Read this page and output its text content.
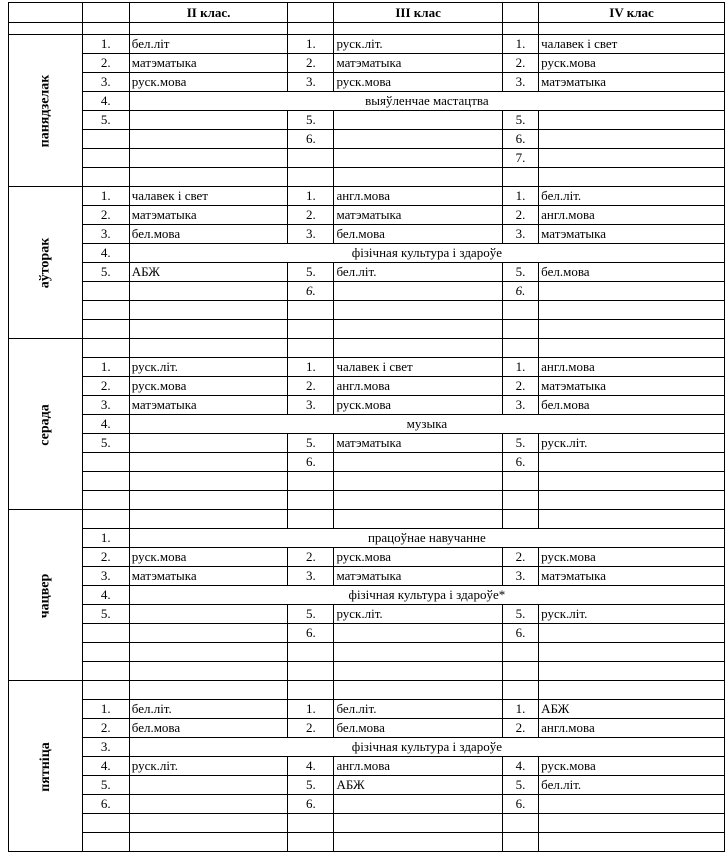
		II клас.		III клас		IV клас

панядзелак	1.	бел.літ	1.	руск.літ.	1.	чалавек і свет
	2.	матэматыка	2.	матэматыка	2.	руск.мова
	3.	руск.мова	3.	руск.мова	3.	матэматыка
	4.	выяўленчае мастацтва				
	5.		5.		5.	
			6.		6.	
					7.	

аўторак	1.	чалавек і свет	1.	англ.мова	1.	бел.літ.
	2.	матэматыка	2.	матэматыка	2.	англ.мова
	3.	бел.мова	3.	бел.мова	3.	матэматыка
	4.	фізічная культура і здароўе				
	5.	АБЖ	5.	бел.літ.	5.	бел.мова
			6.		6.	

серада						
	1.	руск.літ.	1.	чалавек і свет	1.	англ.мова
	2.	руск.мова	2.	англ.мова	2.	матэматыка
	3.	матэматыка	3.	руск.мова	3.	бел.мова
	4.	музыка				
	5.		5.	матэматыка	5.	руск.літ.
			6.		6.	

чацвер						
	1.	працоўнае навучанне				
	2.	руск.мова	2.	руск.мова	2.	руск.мова
	3.	матэматыка	3.	матэматыка	3.	матэматыка
	4.	фізічная культура і здароўе*				
	5.		5.	руск.літ.	5.	руск.літ.
			6.		6.	

пятніца						
	1.	бел.літ.	1.	бел.літ.	1.	АБЖ
	2.	бел.мова	2.	бел.мова	2.	англ.мова
	3.	фізічная культура і здароўе				
	4.	руск.літ.	4.	англ.мова	4.	руск.мова
	5.		5.	АБЖ	5.	бел.літ.
	6.		6.		6.	
